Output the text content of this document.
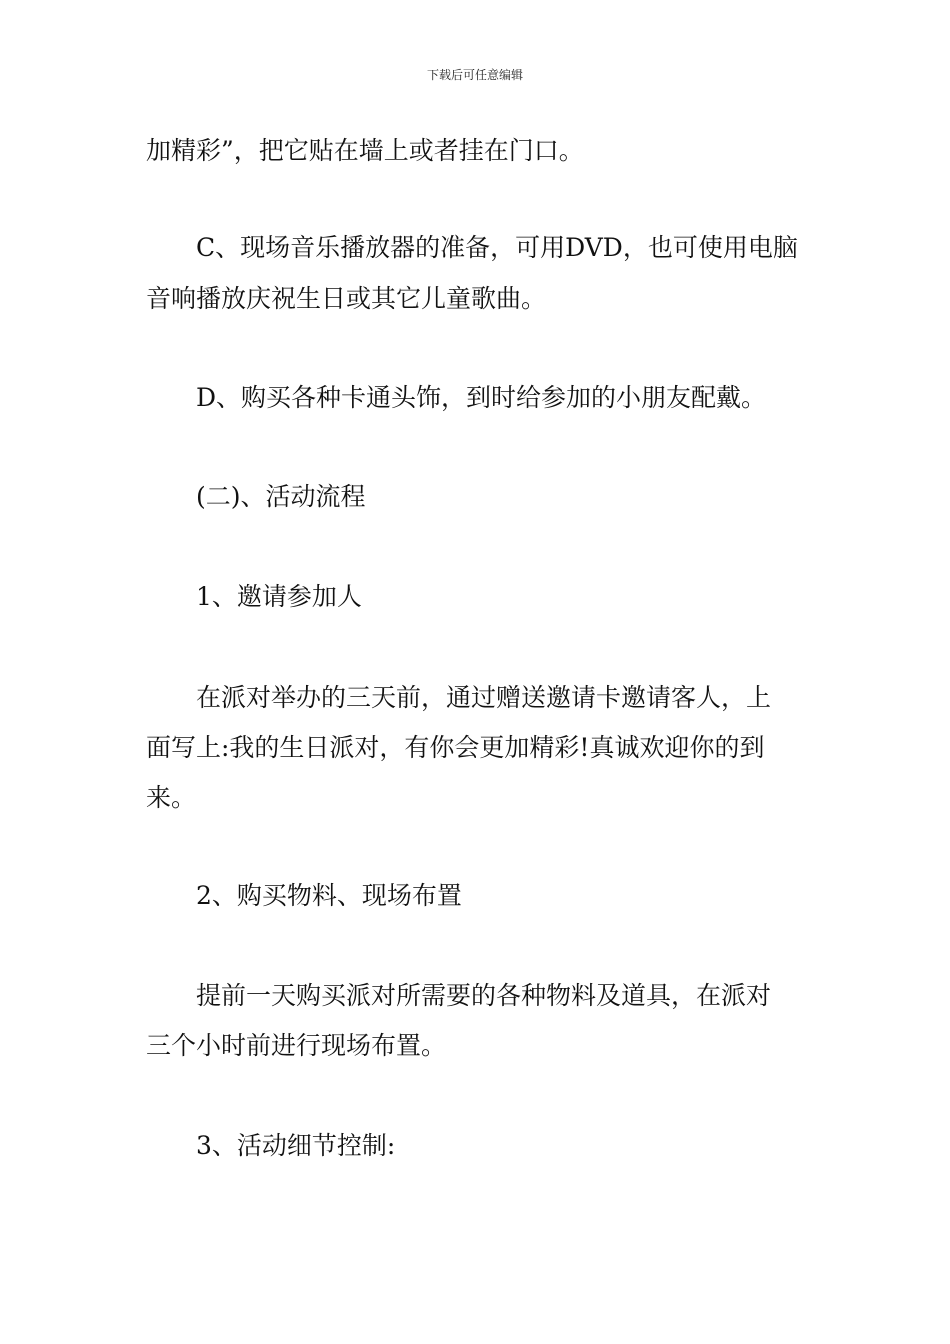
下载后可任意编辑
加精彩”，把它贴在墙上或者挂在门口。
C、现场音乐播放器的准备，可用DVD，也可使用电脑
音响播放庆祝生日或其它儿童歌曲。
D、购买各种卡通头饰，到时给参加的小朋友配戴。
(二)、活动流程
1、邀请参加人
在派对举办的三天前，通过赠送邀请卡邀请客人，上
面写上:我的生日派对，有你会更加精彩!真诚欢迎你的到
来。
2、购买物料、现场布置
提前一天购买派对所需要的各种物料及道具，在派对
三个小时前进行现场布置。
3、活动细节控制:
